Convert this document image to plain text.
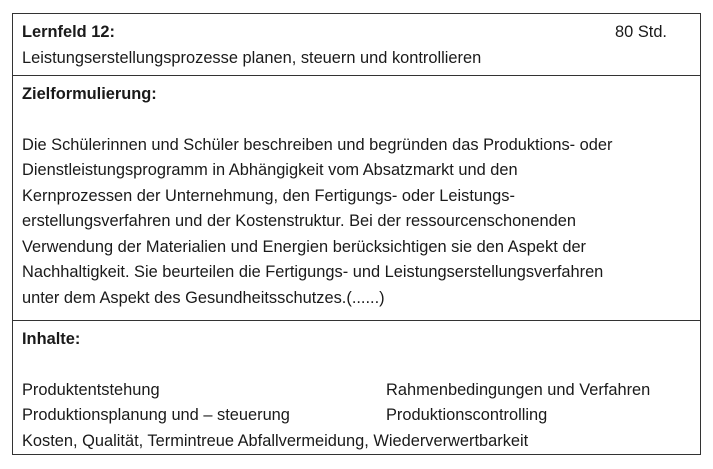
Lernfeld 12:	80 Std.
Leistungserstellungsprozesse planen, steuern und kontrollieren
Zielformulierung:
Die Schülerinnen und Schüler beschreiben und begründen das Produktions- oder
Dienstleistungsprogramm in Abhängigkeit vom Absatzmarkt und den
Kernprozessen der Unternehmung, den Fertigungs- oder Leistungs-
erstellungsverfahren und der Kostenstruktur. Bei der ressourcenschonenden
Verwendung der Materialien und Energien berücksichtigen sie den Aspekt der
Nachhaltigkeit. Sie beurteilen die Fertigungs- und Leistungserstellungsverfahren
unter dem Aspekt des Gesundheitsschutzes.(......)
Inhalte:
Produktentstehung	Rahmenbedingungen und Verfahren
Produktionsplanung und – steuerung	Produktionscontrolling
Kosten, Qualität, Termintreue Abfallvermeidung, Wiederverwertbarkeit
